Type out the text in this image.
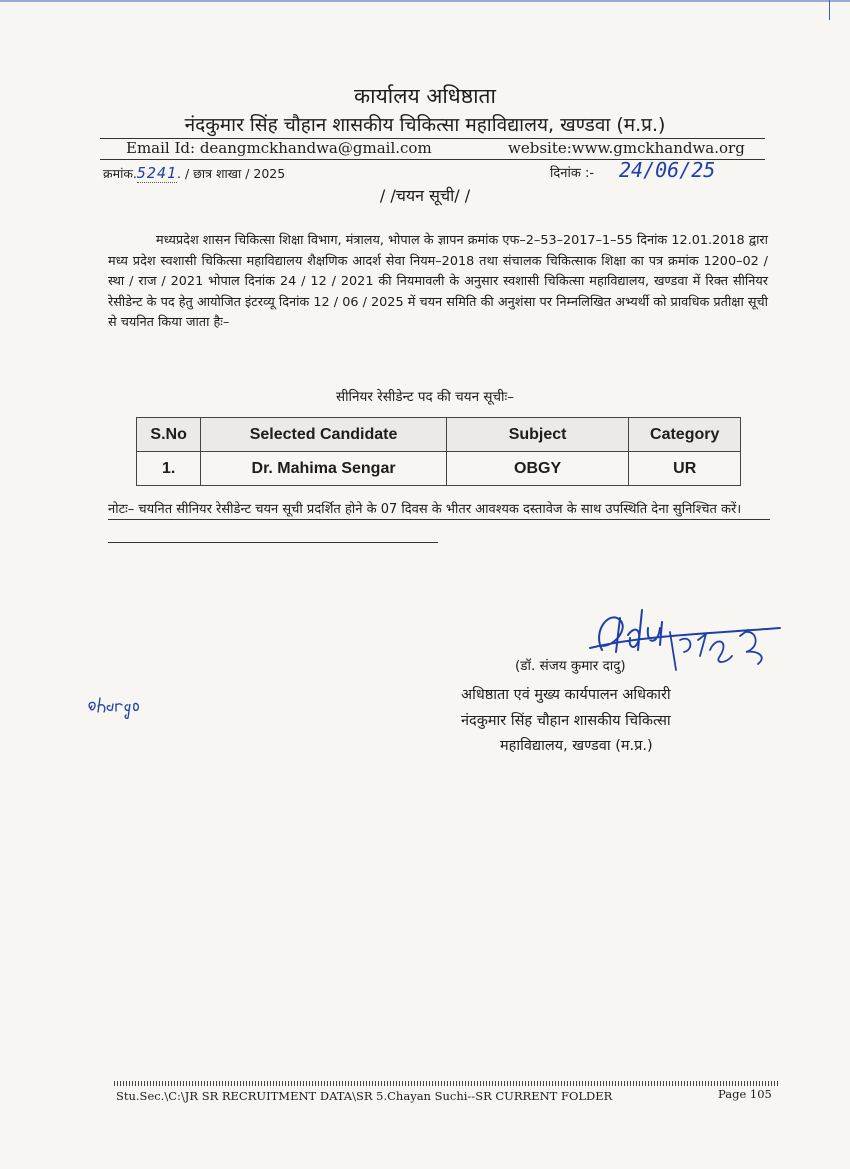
कार्यालय अधिष्ठाता
नंदकुमार सिंह चौहान शासकीय चिकित्सा महाविद्यालय, खण्डवा (म.प्र.)
Email Id: deangmckhandwa@gmail.com	website:www.gmckhandwa.org
क्रमांक.5241. / छात्र शाखा / 2025	दिनांक :- 24/06/25
/ /चयन सूची/ /
मध्यप्रदेश शासन चिकित्सा शिक्षा विभाग, मंत्रालय, भोपाल के ज्ञापन क्रमांक एफ–2–53–2017–1–55 दिनांक 12.01.2018 द्वारा मध्य प्रदेश स्वशासी चिकित्सा महाविद्यालय शैक्षणिक आदर्श सेवा नियम–2018 तथा संचालक चिकित्साक शिक्षा का पत्र क्रमांक 1200–02 / स्था / राज / 2021 भोपाल दिनांक 24 / 12 / 2021 की नियमावली के अनुसार स्वशासी चिकित्सा महाविद्यालय, खण्डवा में रिक्त सीनियर रेसीडेन्ट के पद हेतु आयोजित इंटरव्यू दिनांक 12 / 06 / 2025 में चयन समिति की अनुशंसा पर निम्नलिखित अभ्यर्थी को प्रावधिक प्रतीक्षा सूची से चयनित किया जाता हैः–
सीनियर रेसीडेन्ट पद की चयन सूचीः–
S.No	Selected Candidate	Subject	Category
1.	Dr. Mahima Sengar	OBGY	UR
नोटः– चयनित सीनियर रेसीडेन्ट चयन सूची प्रदर्शित होने के 07 दिवस के भीतर आवश्यक दस्तावेज के साथ उपस्थिति देना सुनिश्चित करें।
(डॉ. संजय कुमार दादु)
अधिष्ठाता एवं मुख्य कार्यपालन अधिकारी
नंदकुमार सिंह चौहान शासकीय चिकित्सा
महाविद्यालय, खण्डवा (म.प्र.)
Stu.Sec.\C:\JR SR RECRUITMENT DATA\SR 5.Chayan Suchi--SR CURRENT FOLDER	Page 105
